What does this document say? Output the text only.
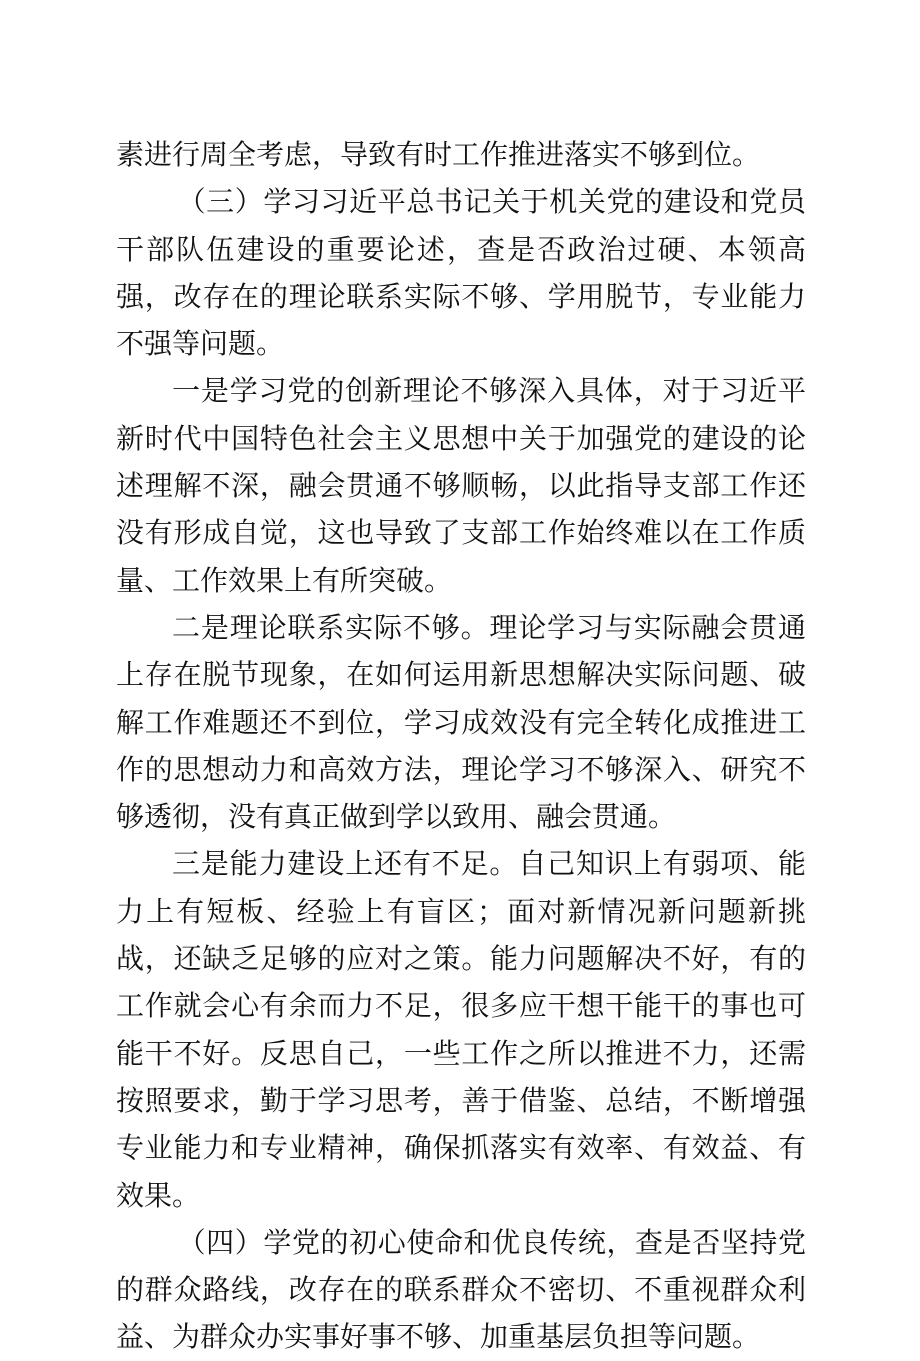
素进行周全考虑，导致有时工作推进落实不够到位。

（三）学习习近平总书记关于机关党的建设和党员干部队伍建设的重要论述，查是否政治过硬、本领高强，改存在的理论联系实际不够、学用脱节，专业能力不强等问题。

一是学习党的创新理论不够深入具体，对于习近平新时代中国特色社会主义思想中关于加强党的建设的论述理解不深，融会贯通不够顺畅，以此指导支部工作还没有形成自觉，这也导致了支部工作始终难以在工作质量、工作效果上有所突破。

二是理论联系实际不够。理论学习与实际融会贯通上存在脱节现象，在如何运用新思想解决实际问题、破解工作难题还不到位，学习成效没有完全转化成推进工作的思想动力和高效方法，理论学习不够深入、研究不够透彻，没有真正做到学以致用、融会贯通。

三是能力建设上还有不足。自己知识上有弱项、能力上有短板、经验上有盲区；面对新情况新问题新挑战，还缺乏足够的应对之策。能力问题解决不好，有的工作就会心有余而力不足，很多应干想干能干的事也可能干不好。反思自己，一些工作之所以推进不力，还需按照要求，勤于学习思考，善于借鉴、总结，不断增强专业能力和专业精神，确保抓落实有效率、有效益、有效果。

（四）学党的初心使命和优良传统，查是否坚持党的群众路线，改存在的联系群众不密切、不重视群众利益、为群众办实事好事不够、加重基层负担等问题。
